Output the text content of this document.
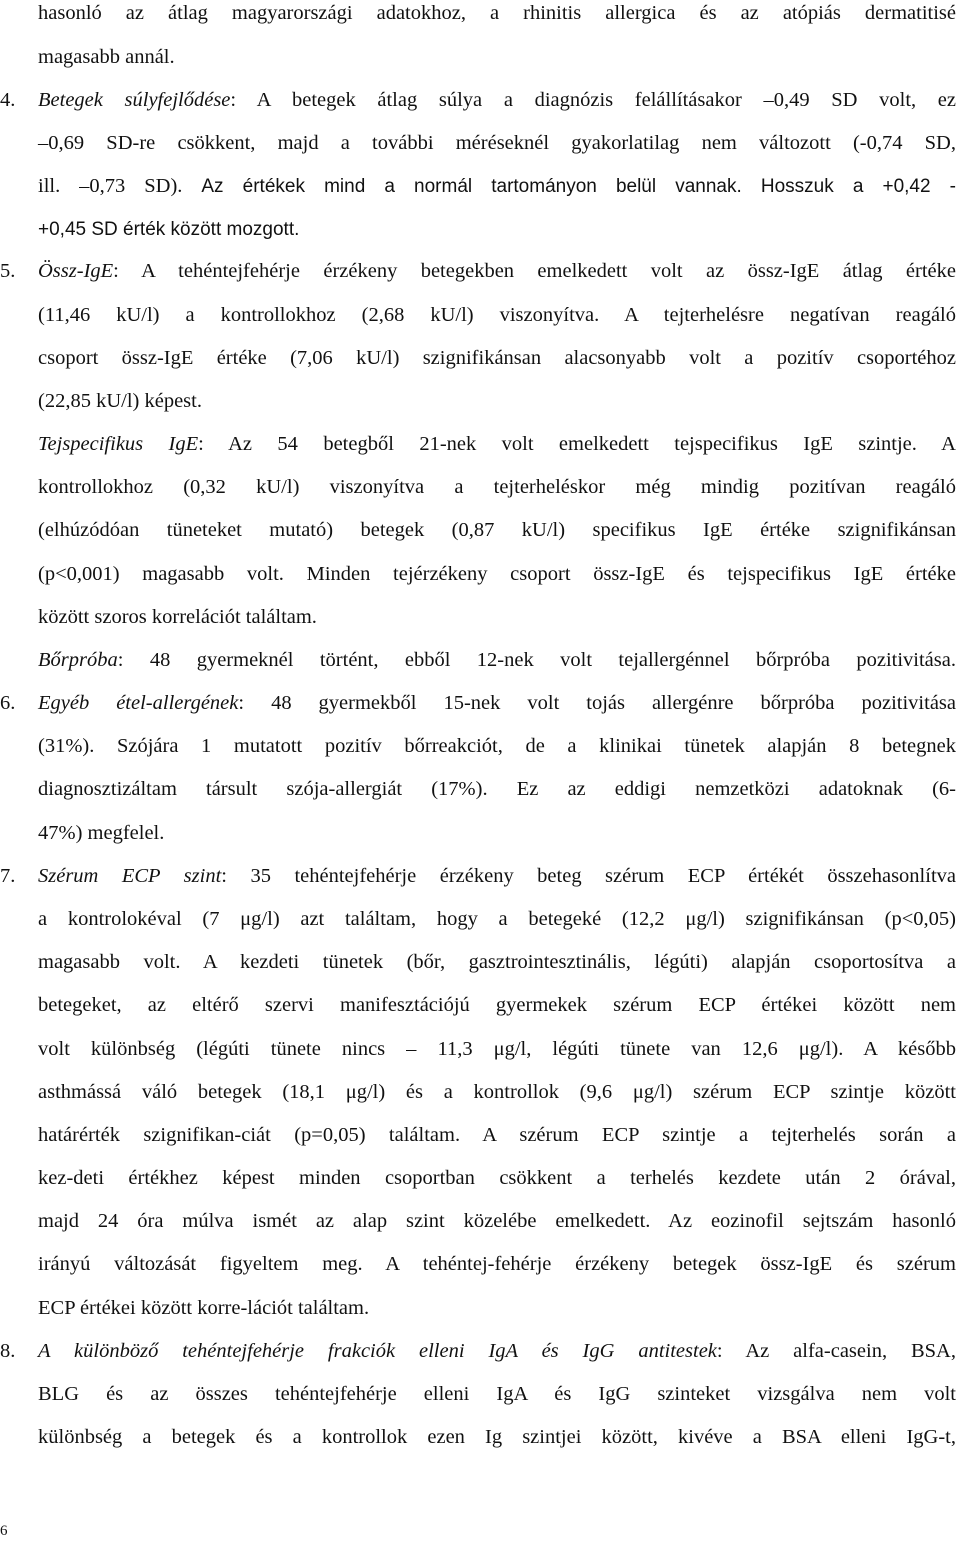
hasonló az átlag magyarországi adatokhoz, a rhinitis allergica és az atópiás dermatitisé
magasabb annál.
4. Betegek súlyfejlődése: A betegek átlag súlya a diagnózis felállításakor –0,49 SD volt, ez
–0,69 SD-re csökkent, majd a további méréseknél gyakorlatilag nem változott (-0,74 SD,
ill. –0,73 SD). Az értékek mind a normál tartományon belül vannak. Hosszuk a +0,42 -
+0,45 SD érték között mozgott.
5. Össz-IgE: A tehéntejfehérje érzékeny betegekben emelkedett volt az össz-IgE átlag értéke
(11,46 kU/l) a kontrollokhoz (2,68 kU/l) viszonyítva. A tejterhelésre negatívan reagáló
csoport össz-IgE értéke (7,06 kU/l) szignifikánsan alacsonyabb volt a pozitív csoportéhoz
(22,85 kU/l) képest.
Tejspecifikus IgE: Az 54 betegből 21-nek volt emelkedett tejspecifikus IgE szintje. A
kontrollokhoz (0,32 kU/l) viszonyítva a tejterheléskor még mindig pozitívan reagáló
(elhúzódóan tüneteket mutató) betegek (0,87 kU/l) specifikus IgE értéke szignifikánsan
(p<0,001) magasabb volt. Minden tejérzékeny csoport össz-IgE és tejspecifikus IgE értéke
között szoros korrelációt találtam.
Bőrpróba: 48 gyermeknél történt, ebből 12-nek volt tejallergénnel bőrpróba pozitivitása.
6. Egyéb étel-allergének: 48 gyermekből 15-nek volt tojás allergénre bőrpróba pozitivitása
(31%). Szójára 1 mutatott pozitív bőrreakciót, de a klinikai tünetek alapján 8 betegnek
diagnosztizáltam társult szója-allergiát (17%). Ez az eddigi nemzetközi adatoknak (6-
47%) megfelel.
7. Szérum ECP szint: 35 tehéntejfehérje érzékeny beteg szérum ECP értékét összehasonlítva
a kontrolokéval (7 μg/l) azt találtam, hogy a betegeké (12,2 μg/l) szignifikánsan (p<0,05)
magasabb volt. A kezdeti tünetek (bőr, gasztrointesztinális, légúti) alapján csoportosítva a
betegeket, az eltérő szervi manifesztációjú gyermekek szérum ECP értékei között nem
volt különbség (légúti tünete nincs – 11,3 μg/l, légúti tünete van 12,6 μg/l). A később
asthmássá váló betegek (18,1 μg/l) és a kontrollok (9,6 μg/l) szérum ECP szintje között
határérték szignifikan-ciát (p=0,05) találtam. A szérum ECP szintje a tejterhelés során a
kez-deti értékhez képest minden csoportban csökkent a terhelés kezdete után 2 órával,
majd 24 óra múlva ismét az alap szint közelébe emelkedett. Az eozinofil sejtszám hasonló
irányú változását figyeltem meg. A tehéntej-fehérje érzékeny betegek össz-IgE és szérum
ECP értékei között korre-lációt találtam.
8. A különböző tehéntejfehérje frakciók elleni IgA és IgG antitestek: Az alfa-casein, BSA,
BLG és az összes tehéntejfehérje elleni IgA és IgG szinteket vizsgálva nem volt
különbség a betegek és a kontrollok ezen Ig szintjei között, kivéve a BSA elleni IgG-t,
6
